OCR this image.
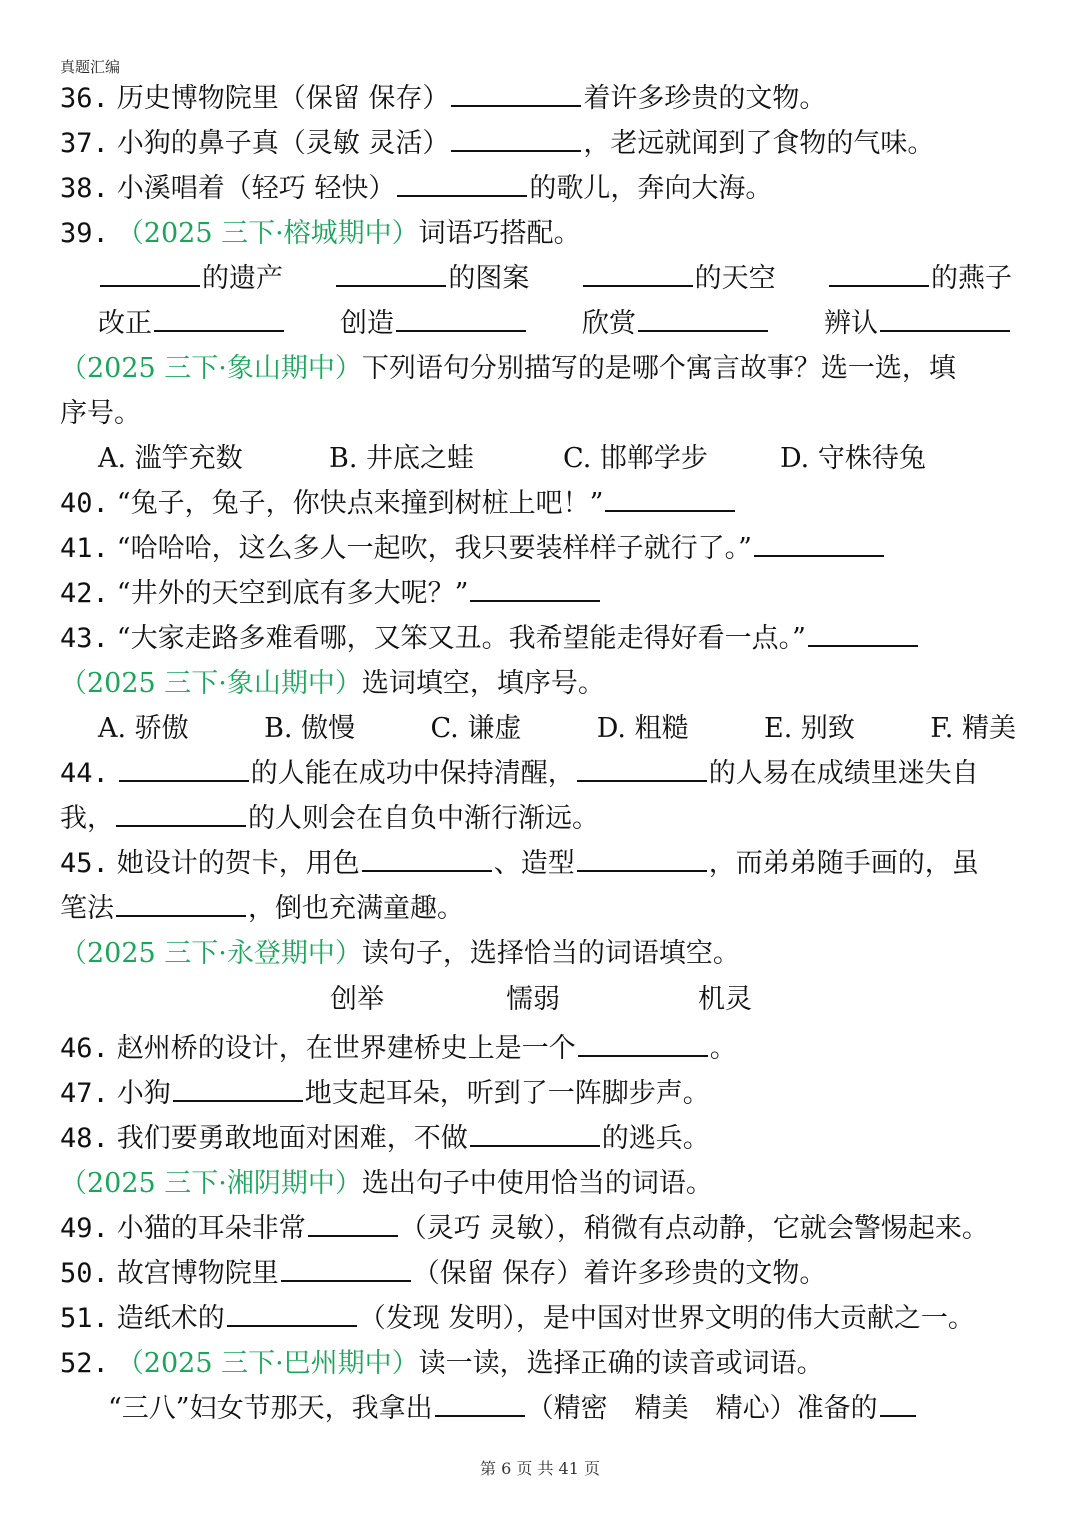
真题汇编
36. 历史博物院里（保留 保存）	着许多珍贵的文物。
37. 小狗的鼻子真（灵敏 灵活）	，老远就闻到了食物的气味。
38. 小溪唱着（轻巧 轻快）	的歌儿，奔向大海。
39. （2025 三下·榕城期中）词语巧搭配。
的遗产	的图案	的天空	的燕子
改正	创造	欣赏	辨认
（2025 三下·象山期中）下列语句分别描写的是哪个寓言故事？选一选，填
序号。
A. 滥竽充数	B. 井底之蛙	C. 邯郸学步	D. 守株待兔
40. “兔子，兔子，你快点来撞到树桩上吧！”
41. “哈哈哈，这么多人一起吹，我只要装样样子就行了。”
42. “井外的天空到底有多大呢？”
43. “大家走路多难看哪，又笨又丑。我希望能走得好看一点。”
（2025 三下·象山期中）选词填空，填序号。
A. 骄傲	B. 傲慢	C. 谦虚	D. 粗糙	E. 别致	F. 精美
44.	的人能在成功中保持清醒，	的人易在成绩里迷失自
我，	的人则会在自负中渐行渐远。
45. 她设计的贺卡，用色	、造型	，而弟弟随手画的，虽
笔法	，倒也充满童趣。
（2025 三下·永登期中）读句子，选择恰当的词语填空。
创举	懦弱	机灵
46. 赵州桥的设计，在世界建桥史上是一个	。
47. 小狗	地支起耳朵，听到了一阵脚步声。
48. 我们要勇敢地面对困难，不做	的逃兵。
（2025 三下·湘阴期中）选出句子中使用恰当的词语。
49. 小猫的耳朵非常	（灵巧 灵敏），稍微有点动静，它就会警惕起来。
50. 故宫博物院里	（保留 保存）着许多珍贵的文物。
51. 造纸术的	（发现 发明），是中国对世界文明的伟大贡献之一。
52. （2025 三下·巴州期中）读一读，选择正确的读音或词语。
“三八”妇女节那天，我拿出	（精密　精美　精心）准备的
第 6 页 共 41 页
